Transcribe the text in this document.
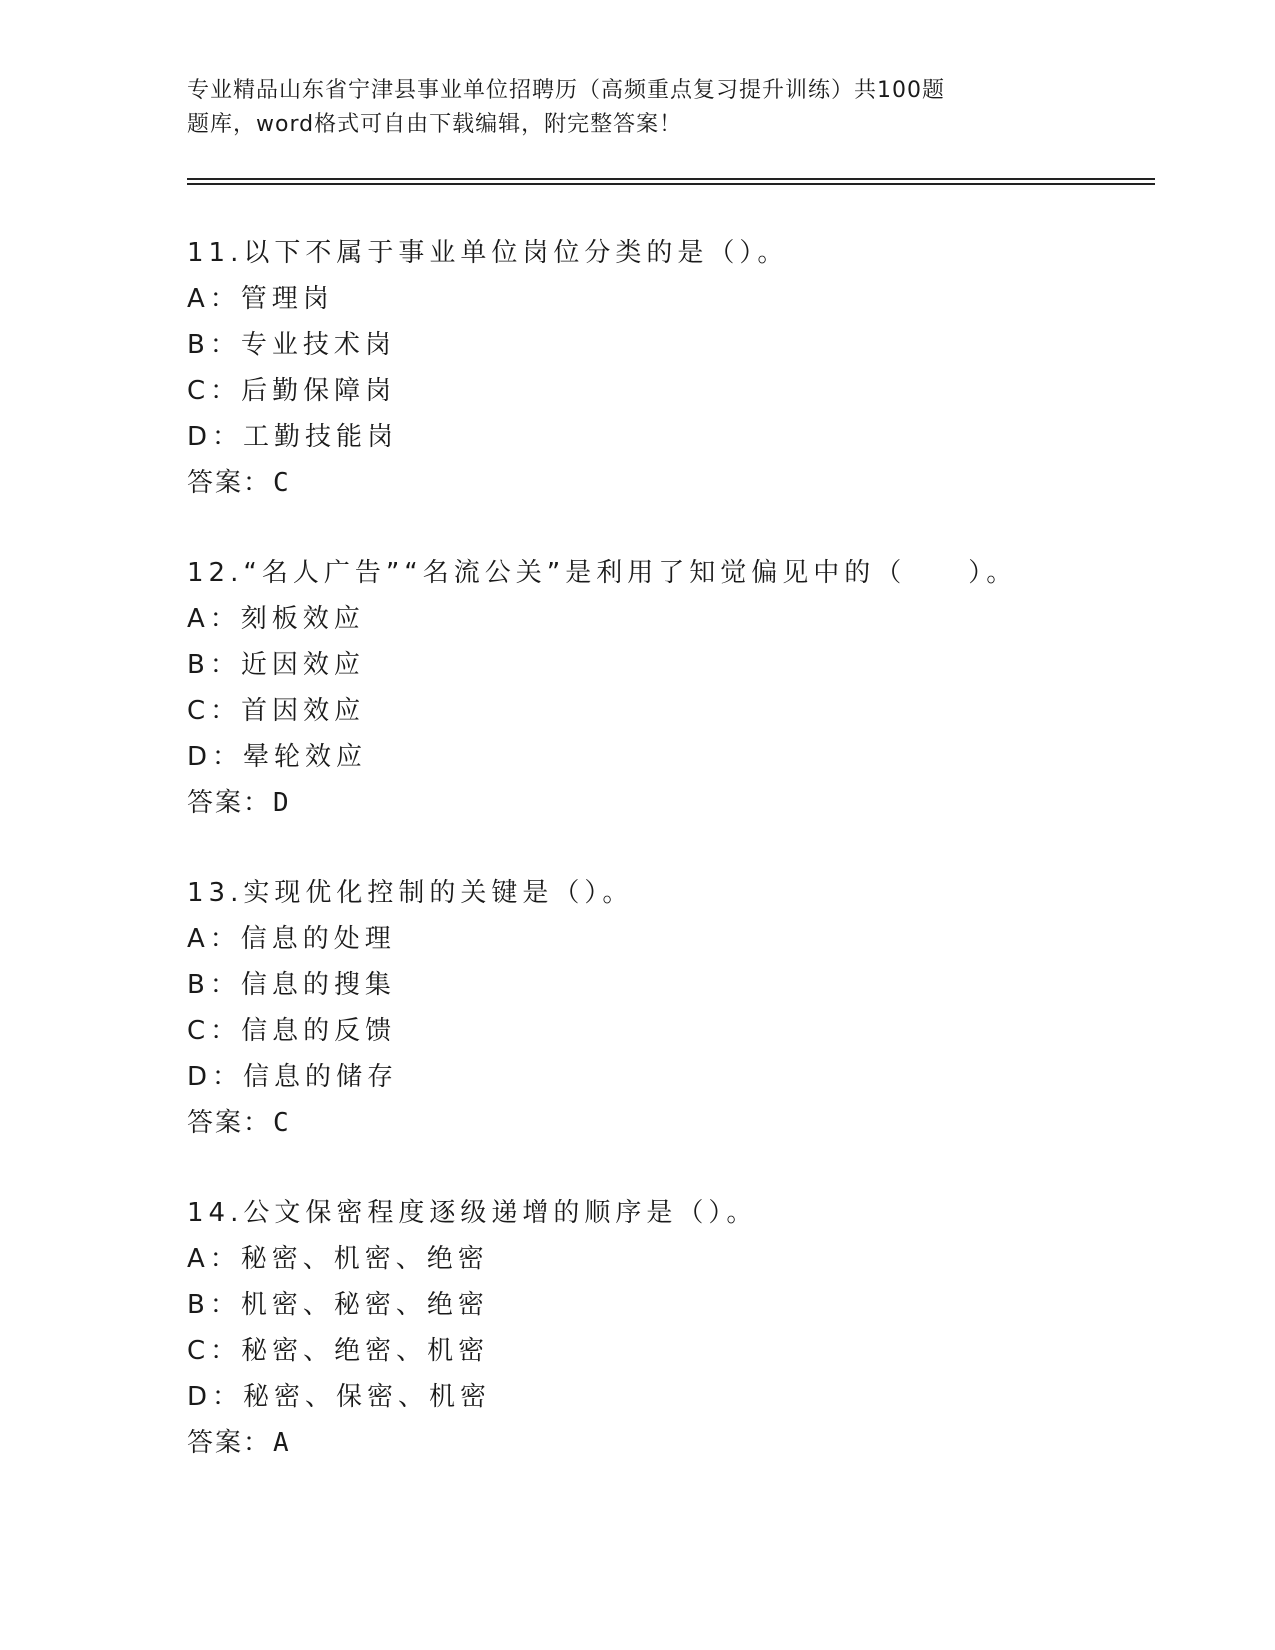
专业精品山东省宁津县事业单位招聘历（高频重点复习提升训练）共100题
题库，word格式可自由下载编辑，附完整答案！
11.以下不属于事业单位岗位分类的是（）。
A：管理岗
B：专业技术岗
C：后勤保障岗
D：工勤技能岗
答案：C
12.“名人广告”“名流公关”是利用了知觉偏见中的（　　）。
A：刻板效应
B：近因效应
C：首因效应
D：晕轮效应
答案：D
13.实现优化控制的关键是（）。
A：信息的处理
B：信息的搜集
C：信息的反馈
D：信息的储存
答案：C
14.公文保密程度逐级递增的顺序是（）。
A：秘密、机密、绝密
B：机密、秘密、绝密
C：秘密、绝密、机密
D：秘密、保密、机密
答案：A
